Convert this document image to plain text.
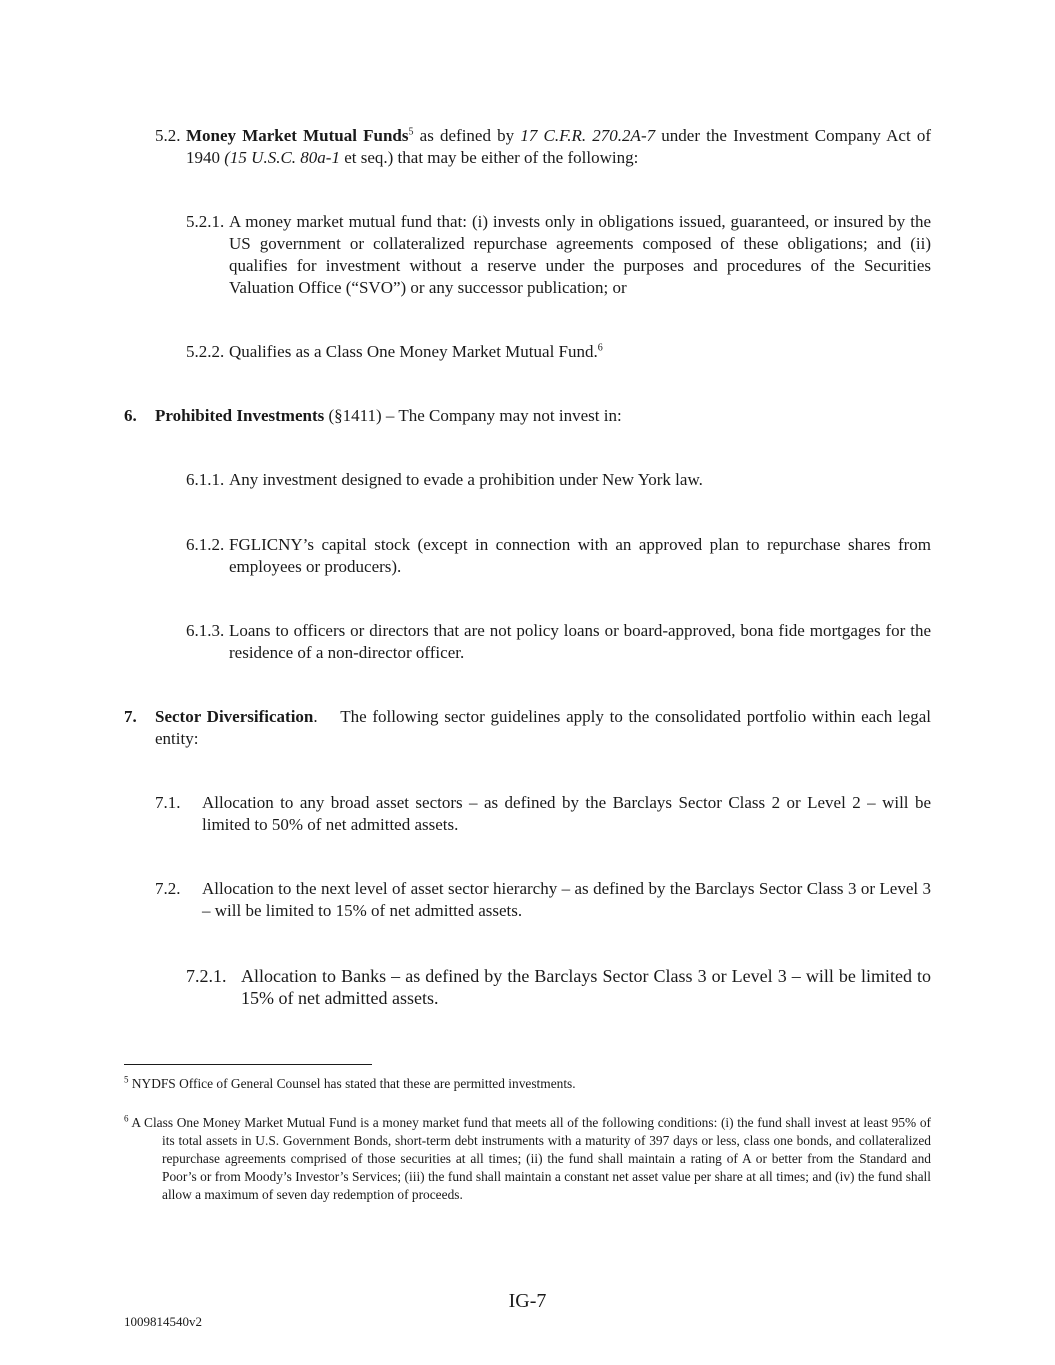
5.2. Money Market Mutual Funds$^5$ as defined by 17 C.F.R. 270.2A-7 under the Investment Company Act of 1940 (15 U.S.C. 80a-1 et seq.) that may be either of the following:
5.2.1. A money market mutual fund that: (i) invests only in obligations issued, guaranteed, or insured by the US government or collateralized repurchase agreements composed of these obligations; and (ii) qualifies for investment without a reserve under the purposes and procedures of the Securities Valuation Office (“SVO”) or any successor publication; or
5.2.2. Qualifies as a Class One Money Market Mutual Fund.$^6$
6.	Prohibited Investments (§1411) – The Company may not invest in:
6.1.1. Any investment designed to evade a prohibition under New York law.
6.1.2. FGLICNY’s capital stock (except in connection with an approved plan to repurchase shares from employees or producers).
6.1.3. Loans to officers or directors that are not policy loans or board-approved, bona fide mortgages for the residence of a non-director officer.
7.	Sector Diversification.    The following sector guidelines apply to the consolidated portfolio within each legal entity:
7.1.	Allocation to any broad asset sectors – as defined by the Barclays Sector Class 2 or Level 2 – will be limited to 50% of net admitted assets.
7.2.	Allocation to the next level of asset sector hierarchy – as defined by the Barclays Sector Class 3 or Level 3 – will be limited to 15% of net admitted assets.
7.2.1. Allocation to Banks – as defined by the Barclays Sector Class 3 or Level 3 – will be limited to 15% of net admitted assets.
$^5$ NYDFS Office of General Counsel has stated that these are permitted investments.
$^6$ A Class One Money Market Mutual Fund is a money market fund that meets all of the following conditions: (i) the fund shall invest at least 95% of its total assets in U.S. Government Bonds, short-term debt instruments with a maturity of 397 days or less, class one bonds, and collateralized repurchase agreements comprised of those securities at all times; (ii) the fund shall maintain a rating of A or better from the Standard and Poor’s or from Moody’s Investor’s Services; (iii) the fund shall maintain a constant net asset value per share at all times; and (iv) the fund shall allow a maximum of seven day redemption of proceeds.
IG-7
1009814540v2
